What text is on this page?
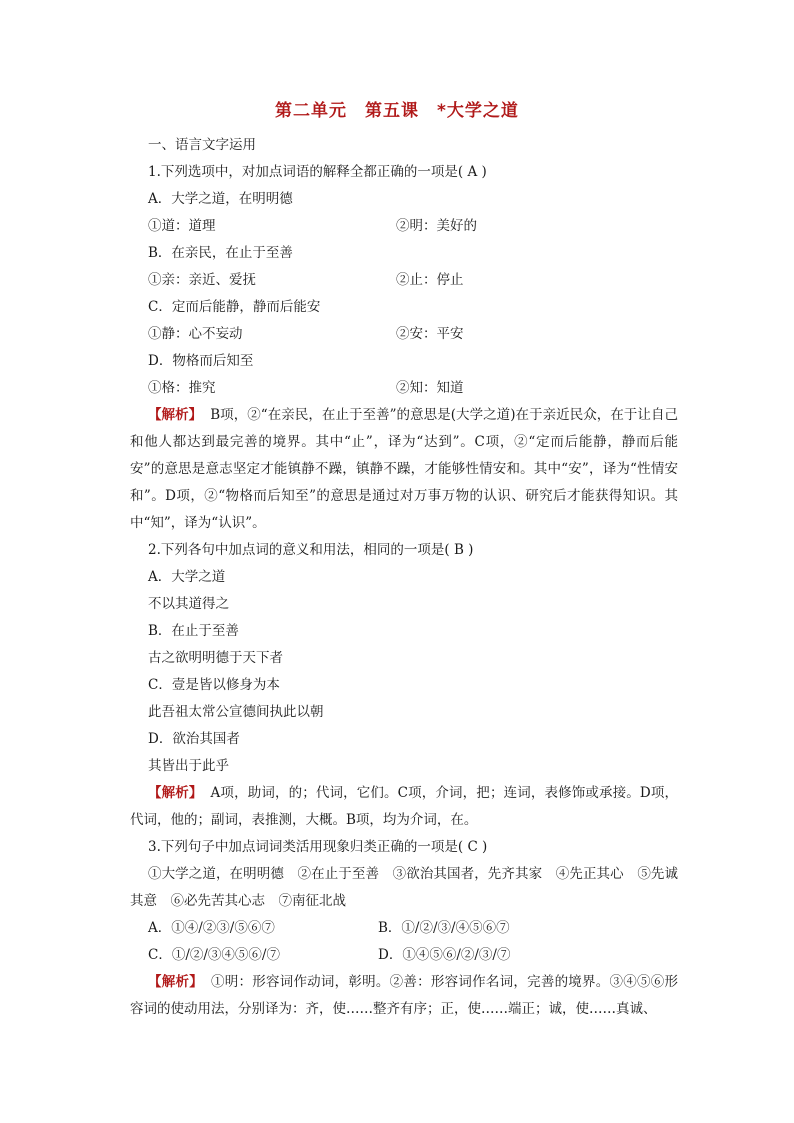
第二单元 第五课 *大学之道
一、语言文字运用
1.下列选项中，对加点词语的解释全都正确的一项是( A )
A．大学之道，在明明德
①道：道理	②明：美好的
B．在亲民，在止于至善
①亲：亲近、爱抚	②止：停止
C．定而后能静，静而后能安
①静：心不妄动	②安：平安
D．物格而后知至
①格：推究	②知：知道
【解析】 B项，②“在亲民，在止于至善”的意思是(大学之道)在于亲近民众，在于让自己和他人都达到最完善的境界。其中“止”，译为“达到”。C项，②“定而后能静，静而后能安”的意思是意志坚定才能镇静不躁，镇静不躁，才能够性情安和。其中“安”，译为“性情安和”。D项，②“物格而后知至”的意思是通过对万事万物的认识、研究后才能获得知识。其中“知”，译为“认识”。
2.下列各句中加点词的意义和用法，相同的一项是( B )
A．大学之道
不以其道得之
B．在止于至善
古之欲明明德于天下者
C．壹是皆以修身为本
此吾祖太常公宣德间执此以朝
D．欲治其国者
其皆出于此乎
【解析】 A项，助词，的；代词，它们。C项，介词，把；连词，表修饰或承接。D项，代词，他的；副词，表推测，大概。B项，均为介词，在。
3.下列句子中加点词词类活用现象归类正确的一项是( C )
①大学之道，在明明德　②在止于至善　③欲治其国者，先齐其家　④先正其心　⑤先诚其意　⑥必先苦其心志　⑦南征北战
A．①④/②③/⑤⑥⑦	B．①/②/③/④⑤⑥⑦
C．①/②/③④⑤⑥/⑦	D．①④⑤⑥/②/③/⑦
【解析】 ①明：形容词作动词，彰明。②善：形容词作名词，完善的境界。③④⑤⑥形容词的使动用法，分别译为：齐，使……整齐有序；正，使……端正；诚，使……真诚、
